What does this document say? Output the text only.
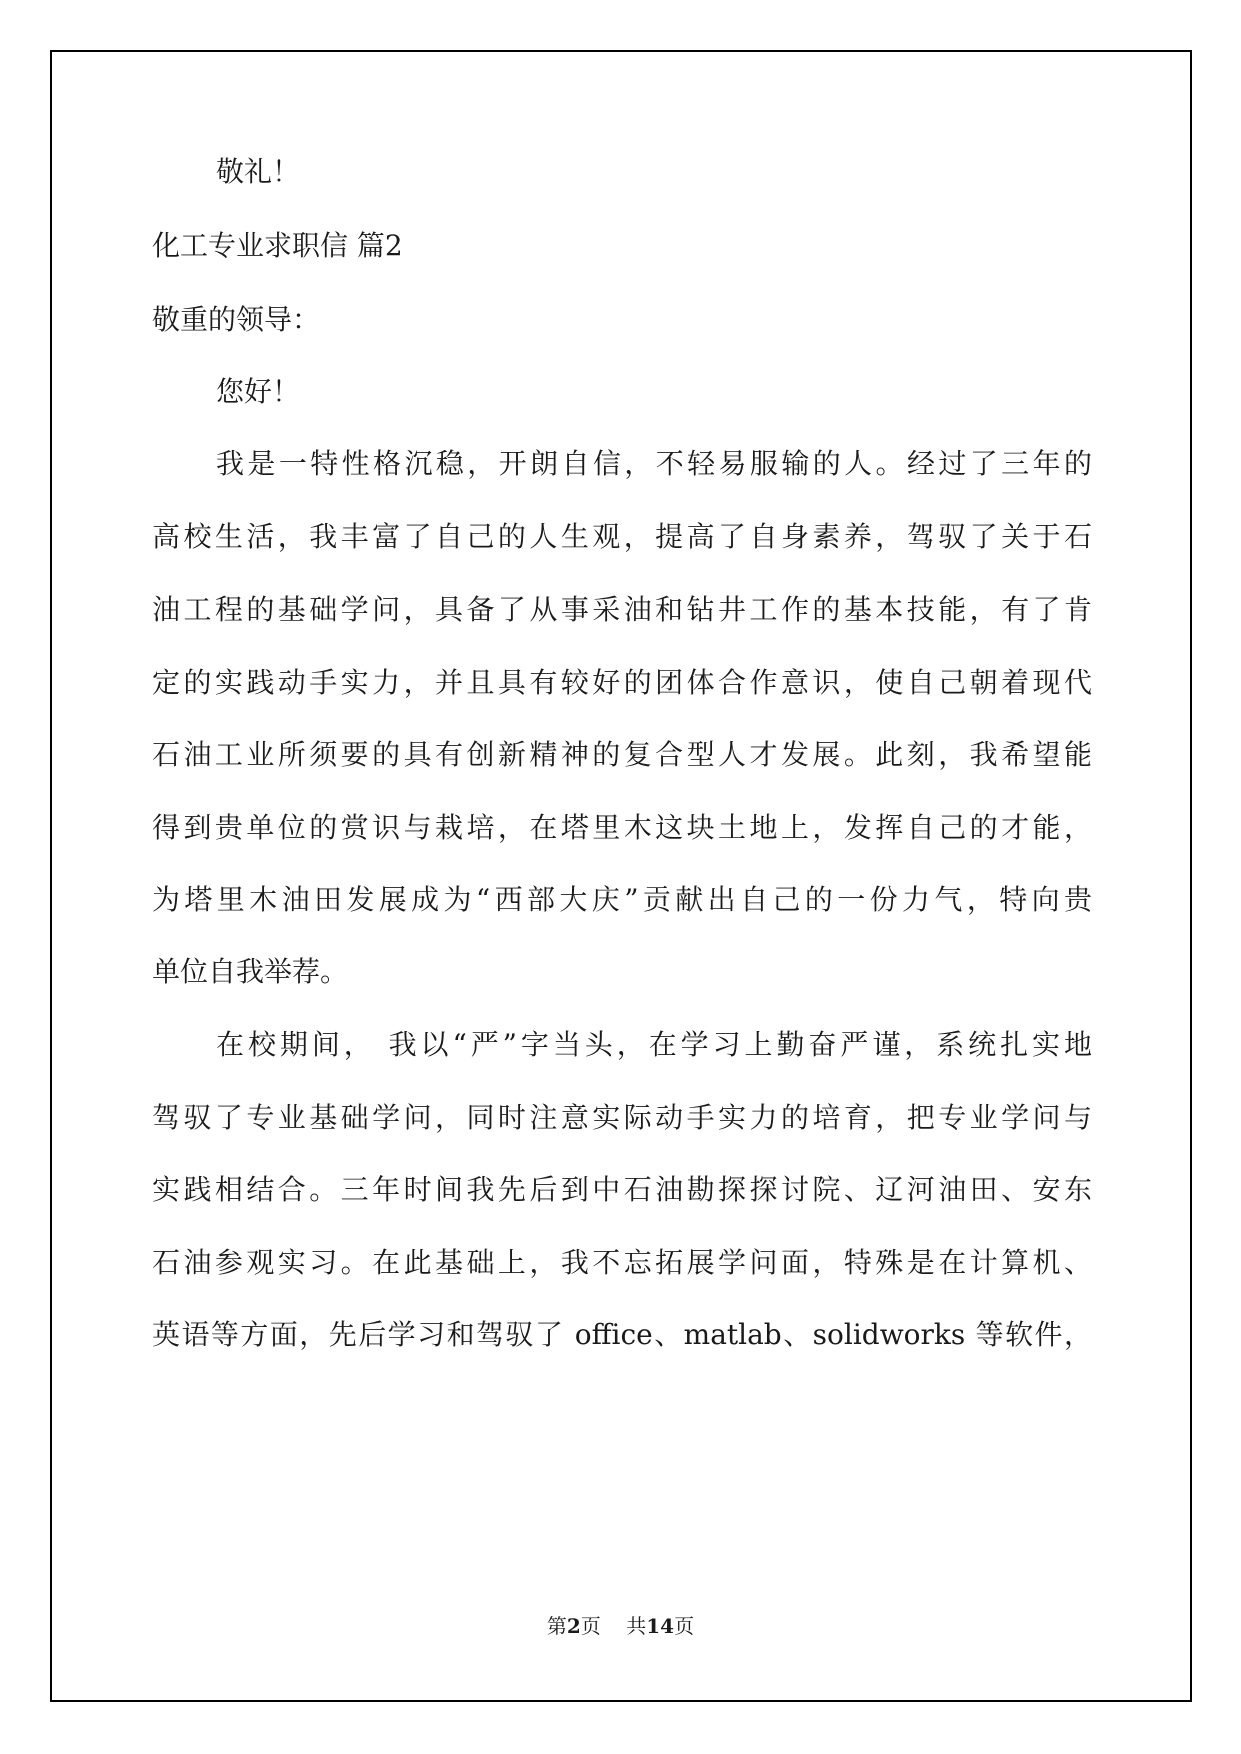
敬礼！
化工专业求职信 篇2
敬重的领导：
您好！
我是一特性格沉稳，开朗自信，不轻易服输的人。经过了三年的
高校生活，我丰富了自己的人生观，提高了自身素养，驾驭了关于石
油工程的基础学问，具备了从事采油和钻井工作的基本技能，有了肯
定的实践动手实力，并且具有较好的团体合作意识，使自己朝着现代
石油工业所须要的具有创新精神的复合型人才发展。此刻，我希望能
得到贵单位的赏识与栽培，在塔里木这块土地上，发挥自己的才能，
为塔里木油田发展成为“西部大庆”贡献出自己的一份力气，特向贵
单位自我举荐。
在校期间， 我以“严”字当头，在学习上勤奋严谨，系统扎实地
驾驭了专业基础学问，同时注意实际动手实力的培育，把专业学问与
实践相结合。三年时间我先后到中石油勘探探讨院、辽河油田、安东
石油参观实习。在此基础上，我不忘拓展学问面，特殊是在计算机、
英语等方面，先后学习和驾驭了 office、matlab、solidworks 等软件，
第2页 共14页
